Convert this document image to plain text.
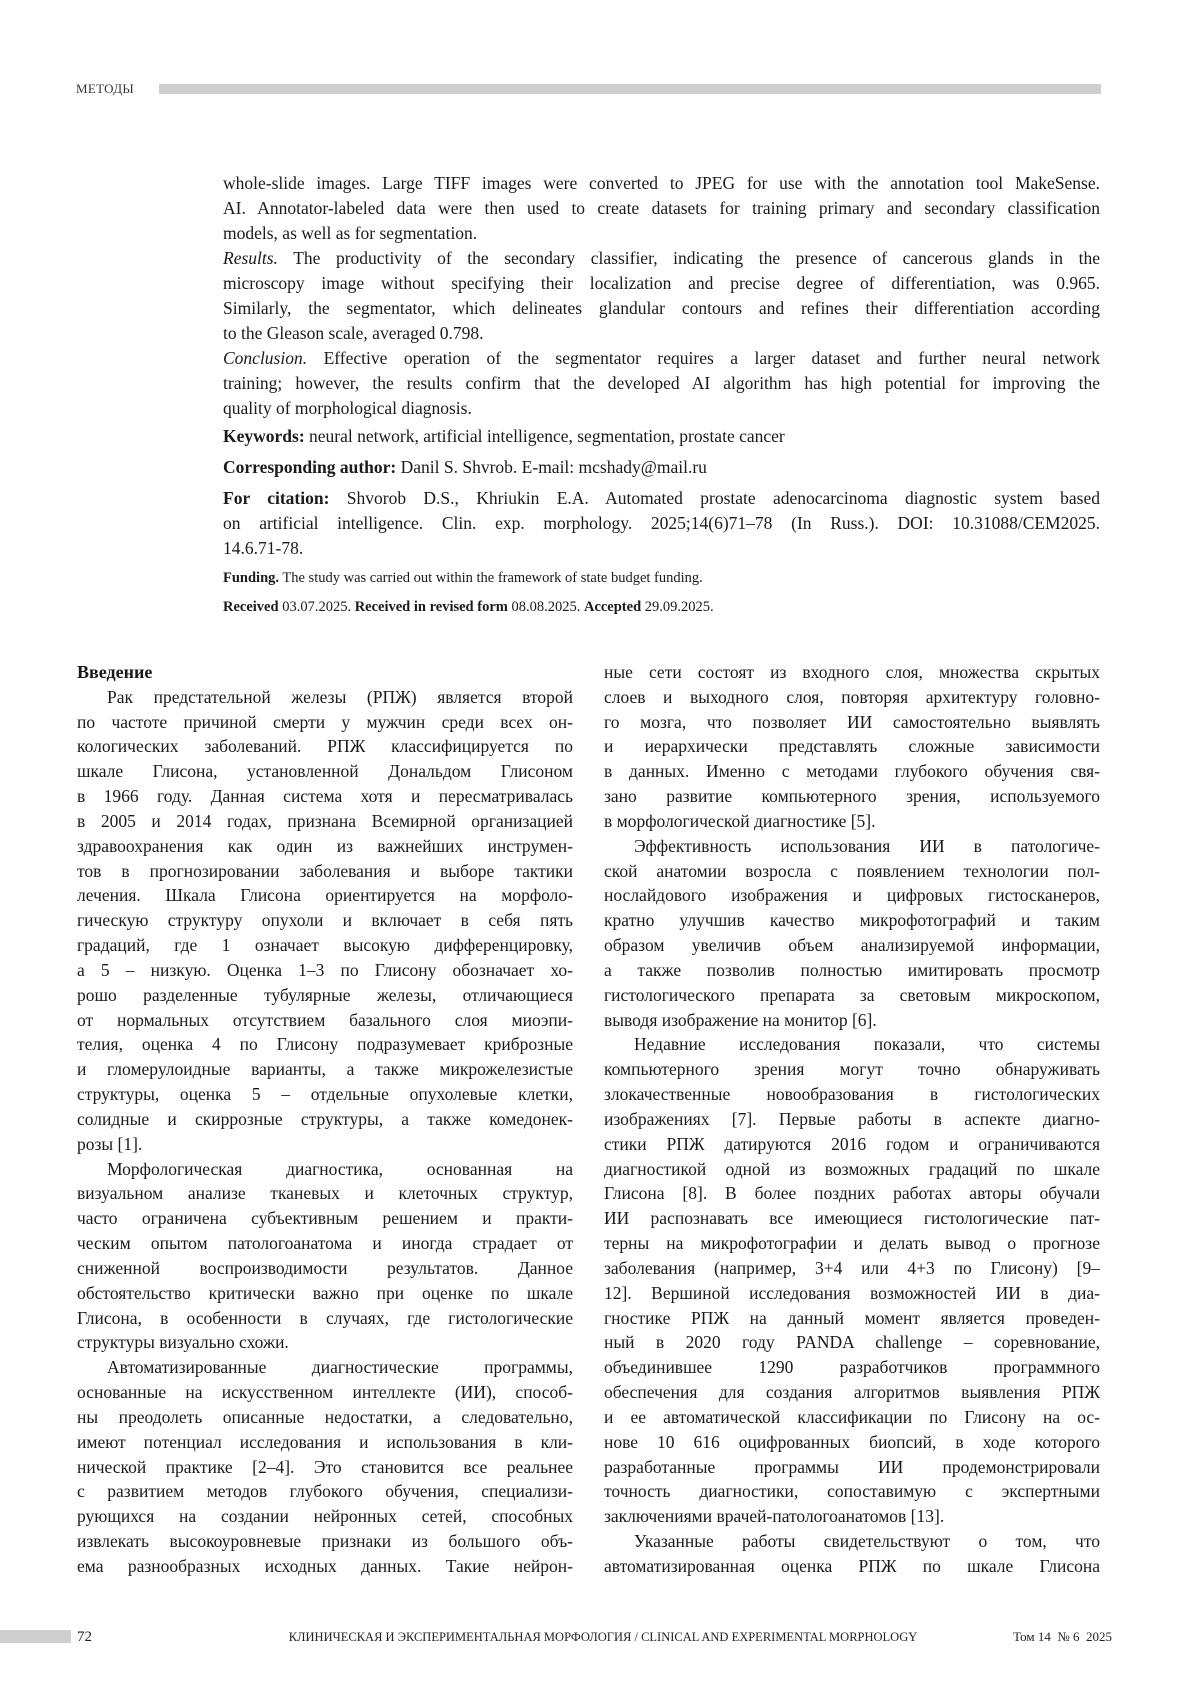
МЕТОДЫ
whole-slide images. Large TIFF images were converted to JPEG for use with the annotation tool MakeSense.
AI. Annotator-labeled data were then used to create datasets for training primary and secondary classification
models, as well as for segmentation.
Results. The productivity of the secondary classifier, indicating the presence of cancerous glands in the
microscopy image without specifying their localization and precise degree of differentiation, was 0.965.
Similarly, the segmentator, which delineates glandular contours and refines their differentiation according
to the Gleason scale, averaged 0.798.
Conclusion. Effective operation of the segmentator requires a larger dataset and further neural network
training; however, the results confirm that the developed AI algorithm has high potential for improving the
quality of morphological diagnosis.
Keywords: neural network, artificial intelligence, segmentation, prostate cancer
Corresponding author: Danil S. Shvrob. E-mail: mcshady@mail.ru
For citation: Shvorob D.S., Khriukin E.A. Automated prostate adenocarcinoma diagnostic system based
on artificial intelligence. Clin. exp. morphology. 2025;14(6)71–78 (In Russ.). DOI: 10.31088/CEM2025.
14.6.71-78.
Funding. The study was carried out within the framework of state budget funding.
Received 03.07.2025. Received in revised form 08.08.2025. Accepted 29.09.2025.
Введение
Рак предстательной железы (РПЖ) является второй
по частоте причиной смерти у мужчин среди всех он-
кологических заболеваний. РПЖ классифицируется по
шкале Глисона, установленной Дональдом Глисоном
в 1966 году. Данная система хотя и пересматривалась
в 2005 и 2014 годах, признана Всемирной организацией
здравоохранения как один из важнейших инструмен-
тов в прогнозировании заболевания и выборе тактики
лечения. Шкала Глисона ориентируется на морфоло-
гическую структуру опухоли и включает в себя пять
градаций, где 1 означает высокую дифференцировку,
а 5 – низкую. Оценка 1–3 по Глисону обозначает хо-
рошо разделенные тубулярные железы, отличающиеся
от нормальных отсутствием базального слоя миоэпи-
телия, оценка 4 по Глисону подразумевает криброзные
и гломерулоидные варианты, а также микрожелезистые
структуры, оценка 5 – отдельные опухолевые клетки,
солидные и скиррозные структуры, а также комедонек-
розы [1].
Морфологическая диагностика, основанная на
визуальном анализе тканевых и клеточных структур,
часто ограничена субъективным решением и практи-
ческим опытом патологоанатома и иногда страдает от
сниженной воспроизводимости результатов. Данное
обстоятельство критически важно при оценке по шкале
Глисона, в особенности в случаях, где гистологические
структуры визуально схожи.
Автоматизированные диагностические программы,
основанные на искусственном интеллекте (ИИ), способ-
ны преодолеть описанные недостатки, а следовательно,
имеют потенциал исследования и использования в кли-
нической практике [2–4]. Это становится все реальнее
с развитием методов глубокого обучения, специализи-
рующихся на создании нейронных сетей, способных
извлекать высокоуровневые признаки из большого объ-
ема разнообразных исходных данных. Такие нейрон-
ные сети состоят из входного слоя, множества скрытых
слоев и выходного слоя, повторяя архитектуру головно-
го мозга, что позволяет ИИ самостоятельно выявлять
и иерархически представлять сложные зависимости
в данных. Именно с методами глубокого обучения свя-
зано развитие компьютерного зрения, используемого
в морфологической диагностике [5].
Эффективность использования ИИ в патологиче-
ской анатомии возросла с появлением технологии пол-
нослайдового изображения и цифровых гистосканеров,
кратно улучшив качество микрофотографий и таким
образом увеличив объем анализируемой информации,
а также позволив полностью имитировать просмотр
гистологического препарата за световым микроскопом,
выводя изображение на монитор [6].
Недавние исследования показали, что системы
компьютерного зрения могут точно обнаруживать
злокачественные новообразования в гистологических
изображениях [7]. Первые работы в аспекте диагно-
стики РПЖ датируются 2016 годом и ограничиваются
диагностикой одной из возможных градаций по шкале
Глисона [8]. В более поздних работах авторы обучали
ИИ распознавать все имеющиеся гистологические пат-
терны на микрофотографии и делать вывод о прогнозе
заболевания (например, 3+4 или 4+3 по Глисону) [9–
12]. Вершиной исследования возможностей ИИ в диа-
гностике РПЖ на данный момент является проведен-
ный в 2020 году PANDA challenge – соревнование,
объединившее 1290 разработчиков программного
обеспечения для создания алгоритмов выявления РПЖ
и ее автоматической классификации по Глисону на ос-
нове 10 616 оцифрованных биопсий, в ходе которого
разработанные программы ИИ продемонстрировали
точность диагностики, сопоставимую с экспертными
заключениями врачей-патологоанатомов [13].
Указанные работы свидетельствуют о том, что
автоматизированная оценка РПЖ по шкале Глисона
72	КЛИНИЧЕСКАЯ И ЭКСПЕРИМЕНТАЛЬНАЯ МОРФОЛОГИЯ / CLINICAL AND EXPERIMENTAL MORPHOLOGY	Том 14  № 6  2025
